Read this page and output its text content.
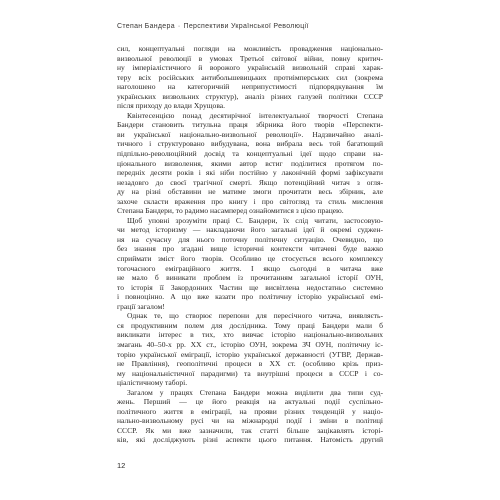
Степан Бандера · Перспективи Української Революції
сил, концептуальні погляди на можливість провадження національно-
визвольної революції в умовах Третьої світової війни, повну критич-
ну імперіалістичного й ворожого українській визвольній справі харак-
теру всіх російських антибольшевицьких протиімперських сил (зокрема
наголошено на категоричній неприпустимості підпорядкування їм
українських визвольних структур), аналіз різних галузей політики СССР
після приходу до влади Хрущова.
Квінтесенцією понад десятирічної інтелектуальної творчості Степана
Бандери становить титульна праця збірника його творів «Перспекти-
ви української національно-визвольної революції». Надзвичайно аналі-
тичного і структуровано вибудувана, вона вибрала весь той багатющий
підпільно-революційний досвід та концептуальні ідеї щодо справи на-
ціонального визволення, якими автор встиг поділитися протягом по-
передніх десяти років і які ніби постійно у лаконічній формі зафіксувати
незадовго до своєї трагічної смерті. Якщо потенційний читач з огля-
ду на різні обставини не матиме змоги прочитати весь збірник, але
захоче скласти враження про книгу і про світогляд та стиль мислення
Степана Бандери, то радимо насамперед ознайомитися з цією працею.
Щоб уповні зрозуміти праці С. Бандери, їх слід читати, застосовую-
чи метод історизму — накладаючи його загальні ідеї й окремі суджен-
ня на сучасну для нього поточну політичну ситуацію. Очевидно, що
без знання про згадані вище історичні контексти читачеві буде важко
сприймати зміст його творів. Особливо це стосується всього комплексу
тогочасного еміграційного життя. І якщо сьогодні в читача вже
не мало б виникати проблем із прочитанням загальної історії ОУН,
то історія її Закордонних Частин ще висвітлена недостатньо системно
і повноцінно. А що вже казати про політичну історію української емі-
грації загалом!
Однак те, що створює перепони для пересічного читача, виявляєть-
ся продуктивним полем для дослідника. Тому праці Бандери мали б
викликати інтерес в тих, хто вивчає історію національно-визвольних
змагань 40–50-х рр. XX ст., історію ОУН, зокрема ЗЧ ОУН, політичну іс-
торію української еміграції, історію української державності (УГВР, Держав-
не Правління), геополітичні процеси в XX ст. (особливо крізь приз-
му національністичної парадигми) та внутрішні процеси в СССР і со-
ціалістичному таборі.
Загалом у працях Степана Бандери можна виділити два типи суд-
жень. Перший — це його реакція на актуальні події суспільно-
політичного життя в еміграції, на прояви різних тенденцій у націо-
нально-визвольному русі чи на міжнародні події і зміни в політиці
СССР. Як ми вже зазначили, так статті більше зацікавлять історі-
ків, які досліджують різні аспекти цього питання. Натомість другий
12
